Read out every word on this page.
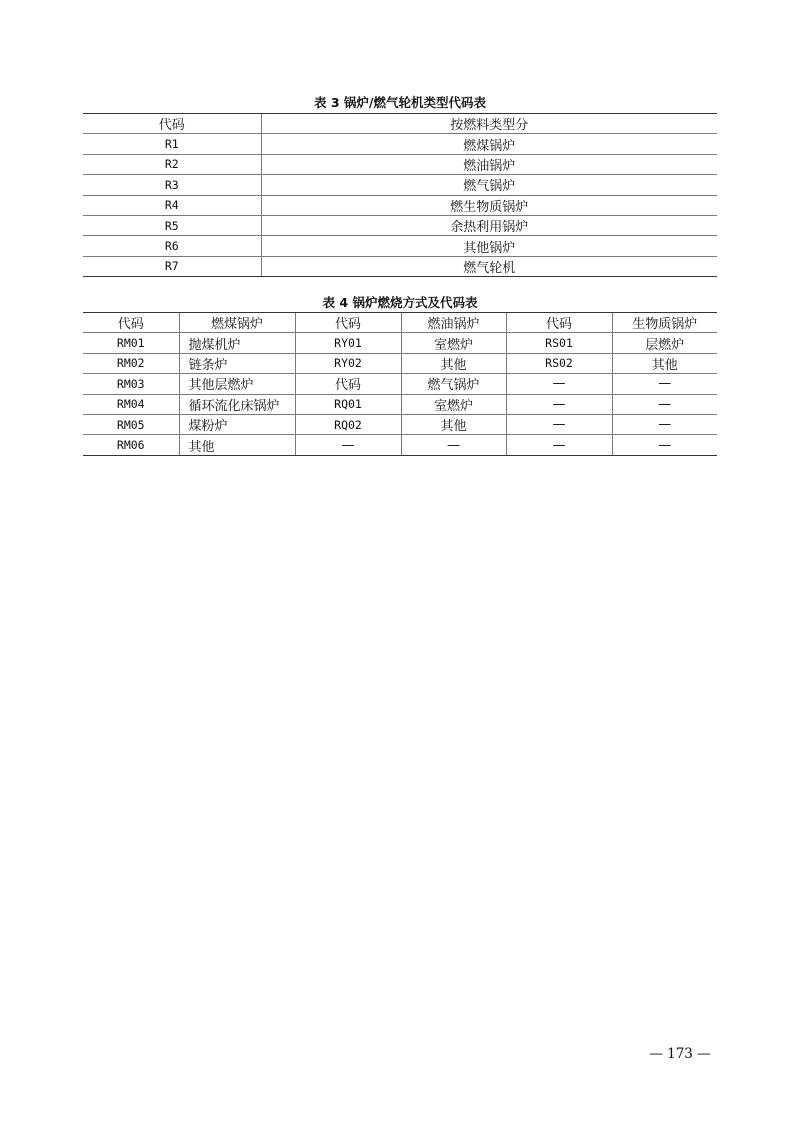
表 3 锅炉/燃气轮机类型代码表
代码	按燃料类型分
R1	燃煤锅炉
R2	燃油锅炉
R3	燃气锅炉
R4	燃生物质锅炉
R5	余热利用锅炉
R6	其他锅炉
R7	燃气轮机
表 4 锅炉燃烧方式及代码表
代码	燃煤锅炉	代码	燃油锅炉	代码	生物质锅炉
RM01	抛煤机炉	RY01	室燃炉	RS01	层燃炉
RM02	链条炉	RY02	其他	RS02	其他
RM03	其他层燃炉	代码	燃气锅炉	—	—
RM04	循环流化床锅炉	RQ01	室燃炉	—	—
RM05	煤粉炉	RQ02	其他	—	—
RM06	其他	—	—	—	—
— 173 —
